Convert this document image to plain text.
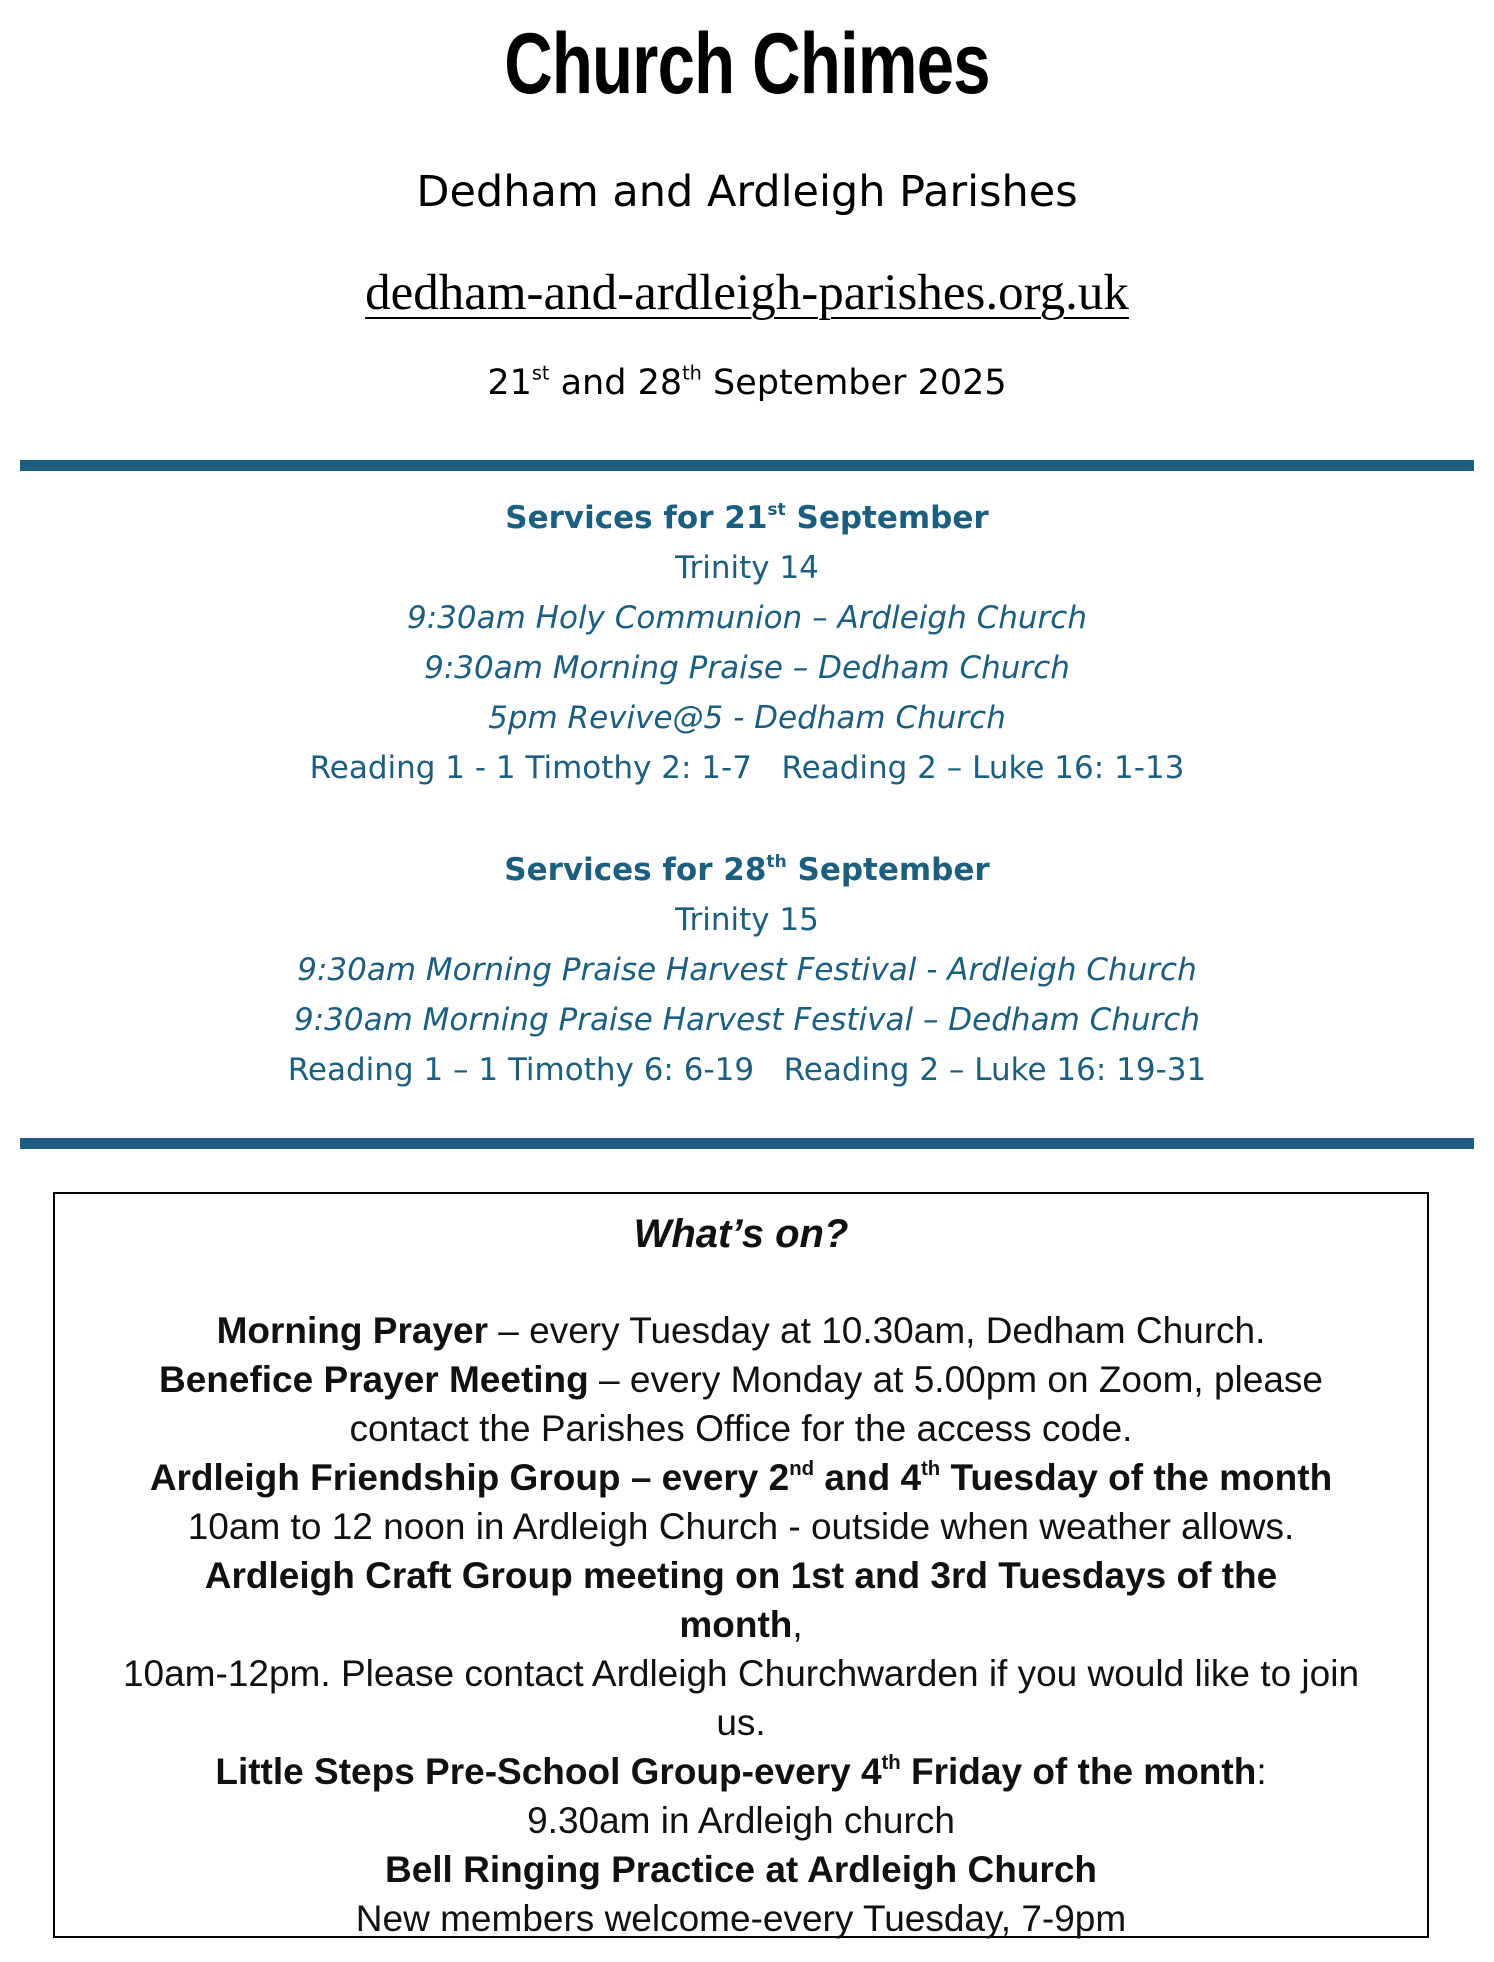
Church Chimes
Dedham and Ardleigh Parishes
dedham-and-ardleigh-parishes.org.uk
21st and 28th September 2025
Services for 21st September
Trinity 14
9:30am Holy Communion – Ardleigh Church
9:30am Morning Praise – Dedham Church
5pm Revive@5 - Dedham Church
Reading 1 - 1 Timothy 2: 1-7   Reading 2 – Luke 16: 1-13
Services for 28th September
Trinity 15
9:30am Morning Praise Harvest Festival - Ardleigh Church
9:30am Morning Praise Harvest Festival – Dedham Church
Reading 1 – 1 Timothy 6: 6-19   Reading 2 – Luke 16: 19-31
What’s on?
Morning Prayer – every Tuesday at 10.30am, Dedham Church.
Benefice Prayer Meeting – every Monday at 5.00pm on Zoom, please
contact the Parishes Office for the access code.
Ardleigh Friendship Group – every 2nd and 4th Tuesday of the month
10am to 12 noon in Ardleigh Church - outside when weather allows.
Ardleigh Craft Group meeting on 1st and 3rd Tuesdays of the
month,
10am-12pm. Please contact Ardleigh Churchwarden if you would like to join
us.
Little Steps Pre-School Group-every 4th Friday of the month:
9.30am in Ardleigh church
Bell Ringing Practice at Ardleigh Church
New members welcome-every Tuesday, 7-9pm
